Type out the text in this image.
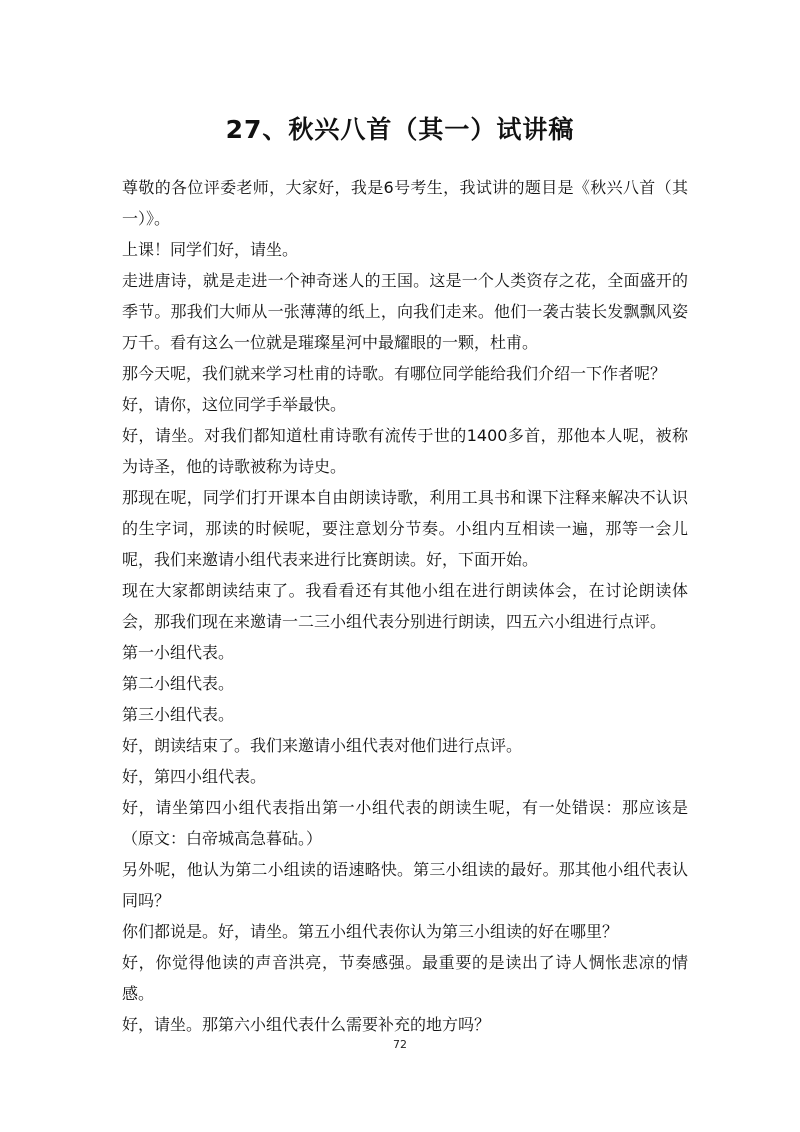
27、秋兴八首（其一）试讲稿

尊敬的各位评委老师，大家好，我是6号考生，我试讲的题目是《秋兴八首（其一）》。

上课！同学们好，请坐。

走进唐诗，就是走进一个神奇迷人的王国。这是一个人类资存之花，全面盛开的季节。那我们大师从一张薄薄的纸上，向我们走来。他们一袭古装长发飘飘风姿万千。看有这么一位就是璀璨星河中最耀眼的一颗，杜甫。

那今天呢，我们就来学习杜甫的诗歌。有哪位同学能给我们介绍一下作者呢？

好，请你，这位同学手举最快。

好，请坐。对我们都知道杜甫诗歌有流传于世的1400多首，那他本人呢，被称为诗圣，他的诗歌被称为诗史。

那现在呢，同学们打开课本自由朗读诗歌，利用工具书和课下注释来解决不认识的生字词，那读的时候呢，要注意划分节奏。小组内互相读一遍，那等一会儿呢，我们来邀请小组代表来进行比赛朗读。好，下面开始。

现在大家都朗读结束了。我看看还有其他小组在进行朗读体会，在讨论朗读体会，那我们现在来邀请一二三小组代表分别进行朗读，四五六小组进行点评。

第一小组代表。

第二小组代表。

第三小组代表。

好，朗读结束了。我们来邀请小组代表对他们进行点评。

好，第四小组代表。

好，请坐第四小组代表指出第一小组代表的朗读生呢，有一处错误：那应该是（原文：白帝城高急暮砧。）

另外呢，他认为第二小组读的语速略快。第三小组读的最好。那其他小组代表认同吗？

你们都说是。好，请坐。第五小组代表你认为第三小组读的好在哪里？

好，你觉得他读的声音洪亮，节奏感强。最重要的是读出了诗人惆怅悲凉的情感。

好，请坐。那第六小组代表什么需要补充的地方吗？

72
